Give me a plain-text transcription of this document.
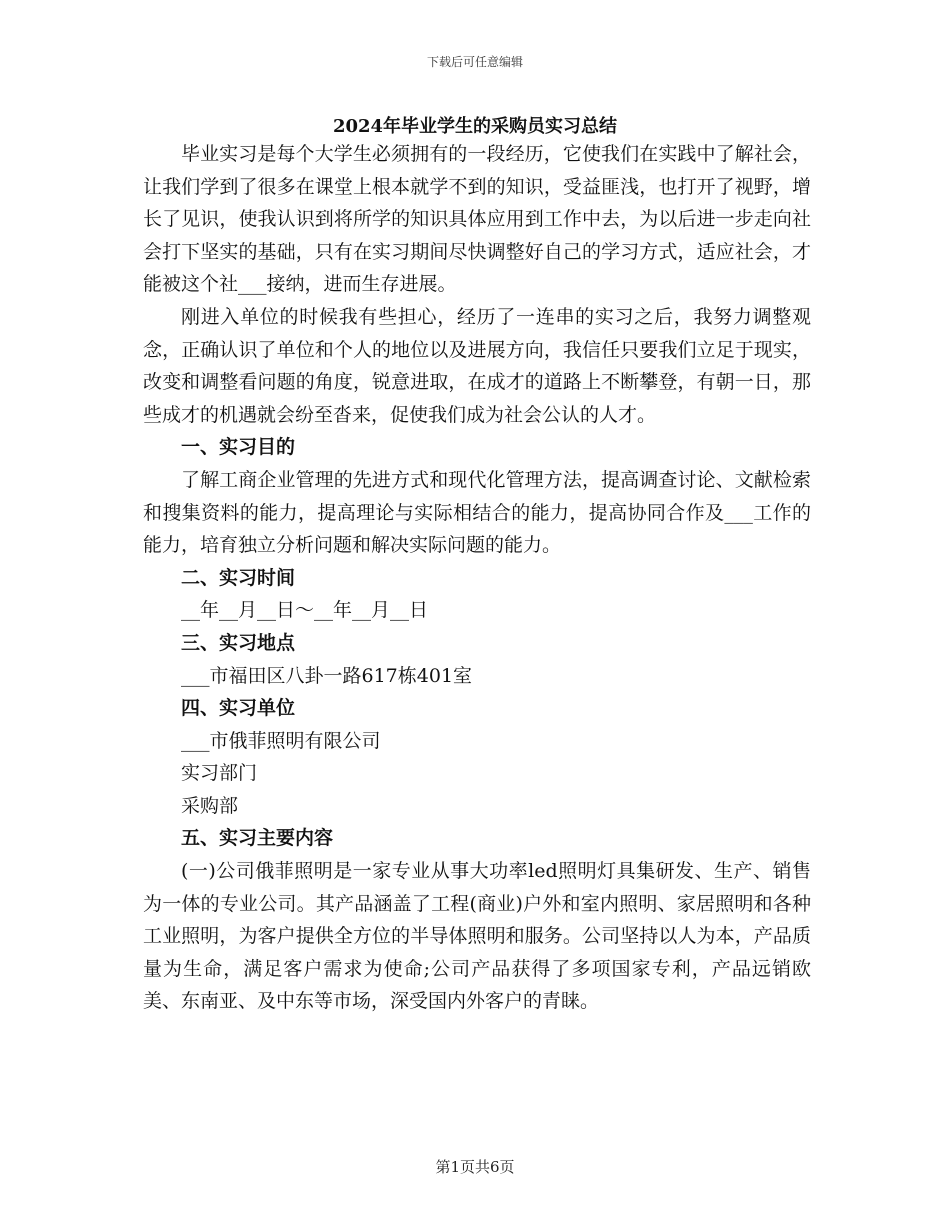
下载后可任意编辑
2024年毕业学生的采购员实习总结

毕业实习是每个大学生必须拥有的一段经历，它使我们在实践中了解社会，让我们学到了很多在课堂上根本就学不到的知识，受益匪浅，也打开了视野，增长了见识，使我认识到将所学的知识具体应用到工作中去，为以后进一步走向社会打下坚实的基础，只有在实习期间尽快调整好自己的学习方式，适应社会，才能被这个社___接纳，进而生存进展。

刚进入单位的时候我有些担心，经历了一连串的实习之后，我努力调整观念，正确认识了单位和个人的地位以及进展方向，我信任只要我们立足于现实，改变和调整看问题的角度，锐意进取，在成才的道路上不断攀登，有朝一日，那些成才的机遇就会纷至沓来，促使我们成为社会公认的人才。

一、实习目的

了解工商企业管理的先进方式和现代化管理方法，提高调查讨论、文献检索和搜集资料的能力，提高理论与实际相结合的能力，提高协同合作及___工作的能力，培育独立分析问题和解决实际问题的能力。

二、实习时间

__年__月__日～__年__月__日

三、实习地点

___市福田区八卦一路617栋401室

四、实习单位

___市俄菲照明有限公司

实习部门

采购部

五、实习主要内容

(一)公司俄菲照明是一家专业从事大功率led照明灯具集研发、生产、销售为一体的专业公司。其产品涵盖了工程(商业)户外和室内照明、家居照明和各种工业照明，为客户提供全方位的半导体照明和服务。公司坚持以人为本，产品质量为生命，满足客户需求为使命;公司产品获得了多项国家专利，产品远销欧美、东南亚、及中东等市场，深受国内外客户的青睐。

第1页共6页
